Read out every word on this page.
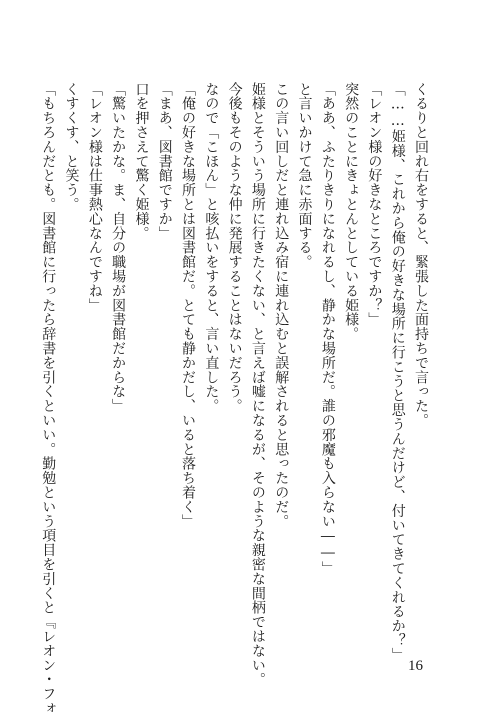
くるりと回れ右をすると、緊張した面持ちで言った。
「……姫様、これから俺の好きな場所に行こうと思うんだけど、付いてきてくれるか？」
「レオン様の好きなところですか？」
突然のことにきょとんとしている姫様。
「ああ、ふたりきりになれるし、静かな場所だ。誰の邪魔も入らない――」
と言いかけて急に赤面する。
この言い回しだと連れ込み宿に連れ込むと誤解されると思ったのだ。
姫様とそういう場所に行きたくない、と言えば嘘になるが、そのような親密な間柄ではない。
今後もそのような仲に発展することはないだろう。
なので「こほん」と咳払いをすると、言い直した。
「俺の好きな場所とは図書館だ。とても静かだし、いると落ち着く」
「まあ、図書館ですか」
口を押さえて驚く姫様。
「驚いたかな。ま、自分の職場が図書館だからな」
「レオン様は仕事熱心なんですね」
くすくす、と笑う。
「もちろんだとも。図書館に行ったら辞書を引くといい。勤勉という項目を引くと『レオン・フォ	16
